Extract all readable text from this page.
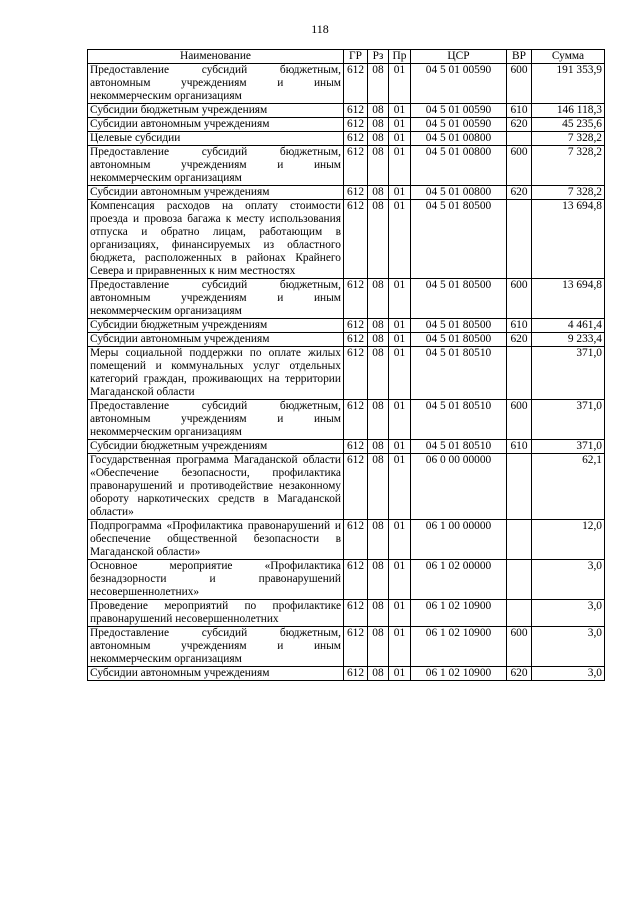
118
Наименование	ГР	Рз	Пр	ЦСР	ВР	Сумма
Предоставление субсидий бюджетным, автономным учреждениям и иным некоммерческим организациям	612	08	01	04 5 01 00590	600	191 353,9
Субсидии бюджетным учреждениям	612	08	01	04 5 01 00590	610	146 118,3
Субсидии автономным учреждениям	612	08	01	04 5 01 00590	620	45 235,6
Целевые субсидии	612	08	01	04 5 01 00800		7 328,2
Предоставление субсидий бюджетным, автономным учреждениям и иным некоммерческим организациям	612	08	01	04 5 01 00800	600	7 328,2
Субсидии автономным учреждениям	612	08	01	04 5 01 00800	620	7 328,2
Компенсация расходов на оплату стоимости проезда и провоза багажа к месту использования отпуска и обратно лицам, работающим в организациях, финансируемых из областного бюджета, расположенных в районах Крайнего Севера и приравненных к ним местностях	612	08	01	04 5 01 80500		13 694,8
Предоставление субсидий бюджетным, автономным учреждениям и иным некоммерческим организациям	612	08	01	04 5 01 80500	600	13 694,8
Субсидии бюджетным учреждениям	612	08	01	04 5 01 80500	610	4 461,4
Субсидии автономным учреждениям	612	08	01	04 5 01 80500	620	9 233,4
Меры социальной поддержки по оплате жилых помещений и коммунальных услуг отдельных категорий граждан, проживающих на территории Магаданской области	612	08	01	04 5 01 80510		371,0
Предоставление субсидий бюджетным, автономным учреждениям и иным некоммерческим организациям	612	08	01	04 5 01 80510	600	371,0
Субсидии бюджетным учреждениям	612	08	01	04 5 01 80510	610	371,0
Государственная программа Магаданской области «Обеспечение безопасности, профилактика правонарушений и противодействие незаконному обороту наркотических средств в Магаданской области»	612	08	01	06 0 00 00000		62,1
Подпрограмма «Профилактика правонарушений и обеспечение общественной безопасности в Магаданской области»	612	08	01	06 1 00 00000		12,0
Основное мероприятие «Профилактика безнадзорности и правонарушений несовершеннолетних»	612	08	01	06 1 02 00000		3,0
Проведение мероприятий по профилактике правонарушений несовершеннолетних	612	08	01	06 1 02 10900		3,0
Предоставление субсидий бюджетным, автономным учреждениям и иным некоммерческим организациям	612	08	01	06 1 02 10900	600	3,0
Субсидии автономным учреждениям	612	08	01	06 1 02 10900	620	3,0
